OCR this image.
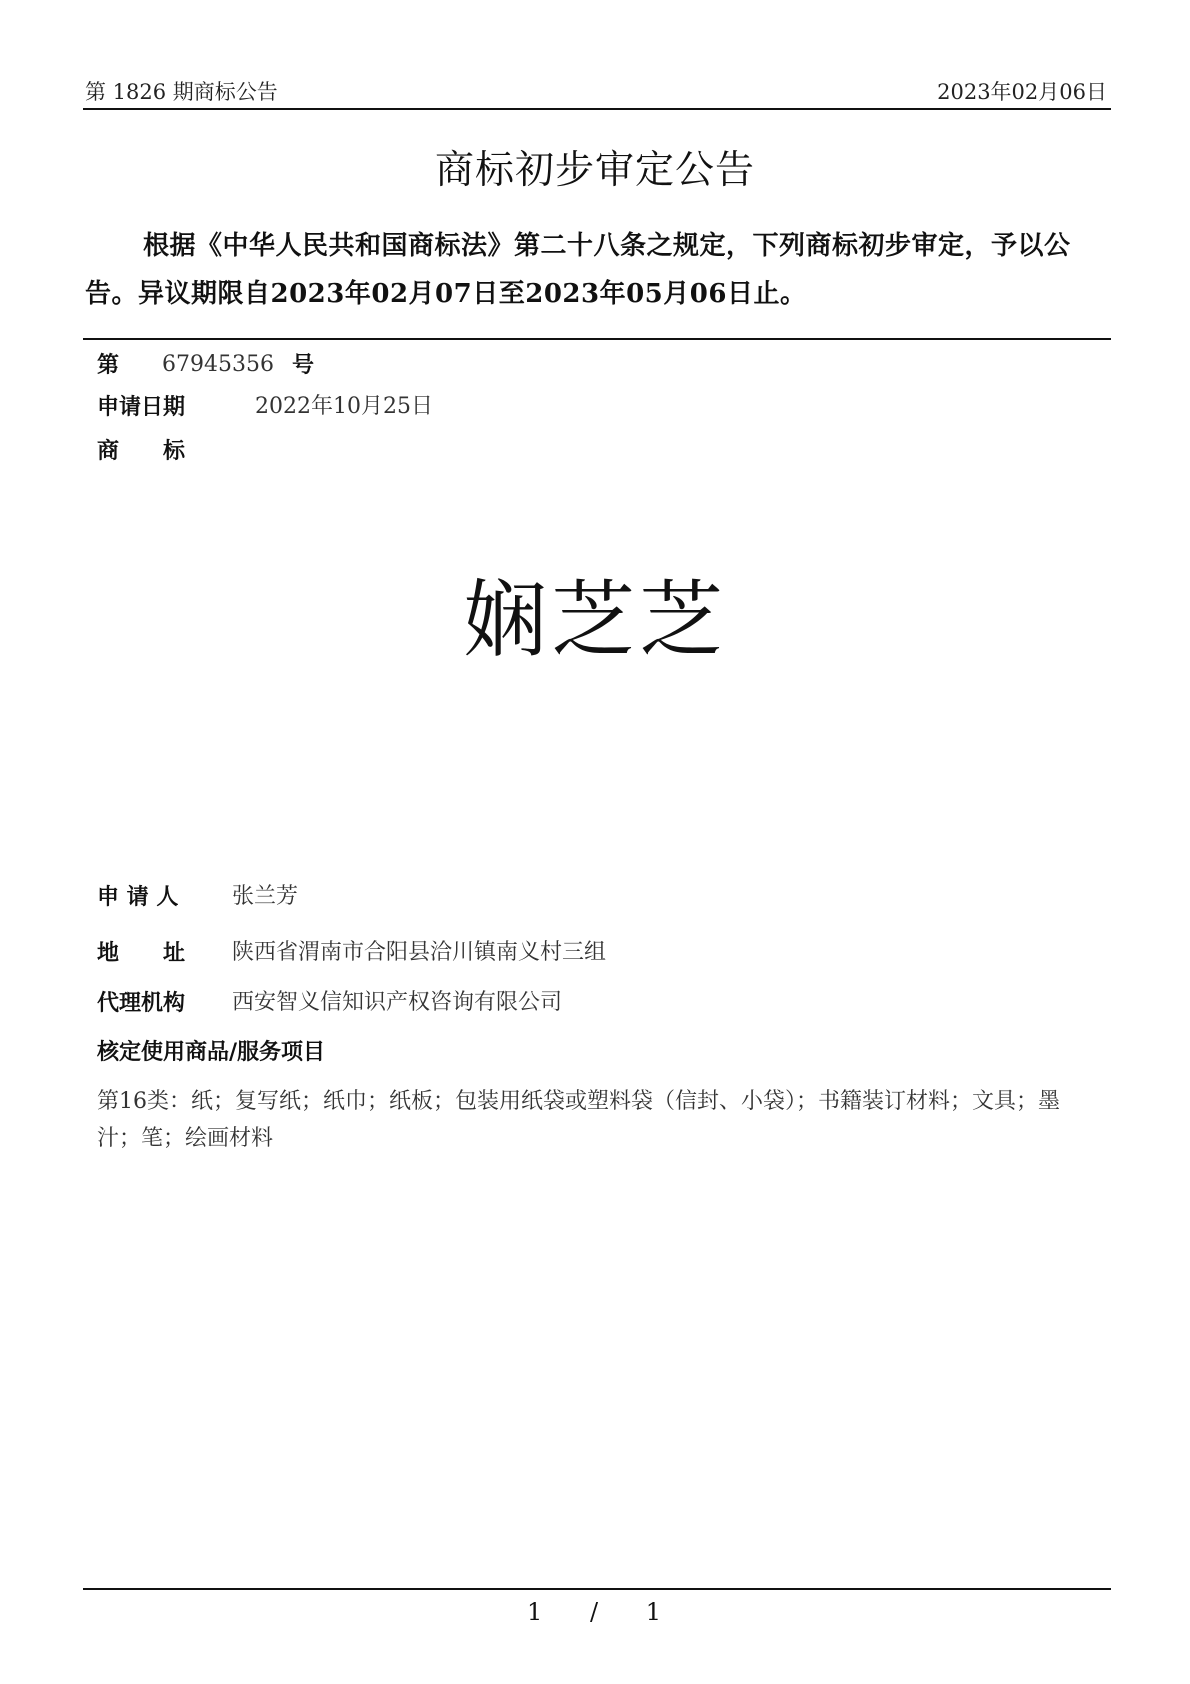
第 1826 期商标公告	2023年02月06日
商标初步审定公告
根据《中华人民共和国商标法》第二十八条之规定，下列商标初步审定，予以公告。异议期限自2023年02月07日至2023年05月06日止。
第 67945356 号
申请日期	2022年10月25日
商　　标
娴芝芝
申 请 人 张兰芳
地　　址 陕西省渭南市合阳县洽川镇南义村三组
代理机构 西安智义信知识产权咨询有限公司
核定使用商品/服务项目
第16类：纸；复写纸；纸巾；纸板；包装用纸袋或塑料袋（信封、小袋）；书籍装订材料；文具；墨汁；笔；绘画材料
1 / 1
